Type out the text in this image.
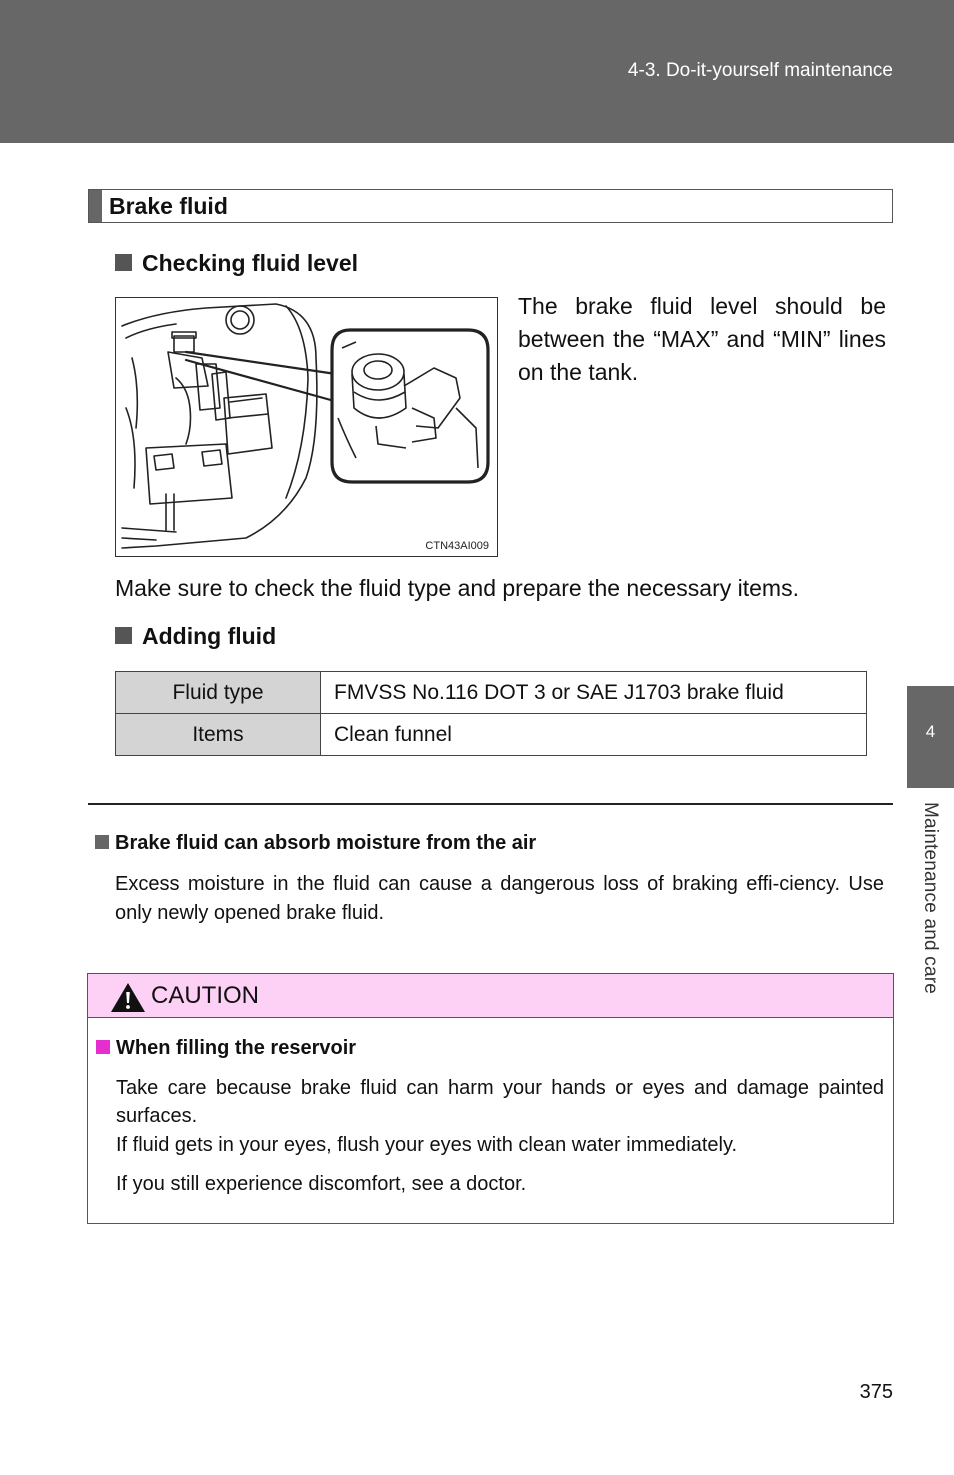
4-3. Do-it-yourself maintenance
4
Maintenance and care
Brake fluid
Checking fluid level
CTN43AI009
The brake fluid level should be between the “MAX” and “MIN” lines on the tank.
Make sure to check the fluid type and prepare the necessary items.
Adding fluid
Fluid type	FMVSS No.116 DOT 3 or SAE J1703 brake fluid
Items	Clean funnel
Brake fluid can absorb moisture from the air
Excess moisture in the fluid can cause a dangerous loss of braking effi-ciency. Use only newly opened brake fluid.
CAUTION
When filling the reservoir
Take care because brake fluid can harm your hands or eyes and damage painted surfaces.
If fluid gets in your eyes, flush your eyes with clean water immediately.
If you still experience discomfort, see a doctor.
375
